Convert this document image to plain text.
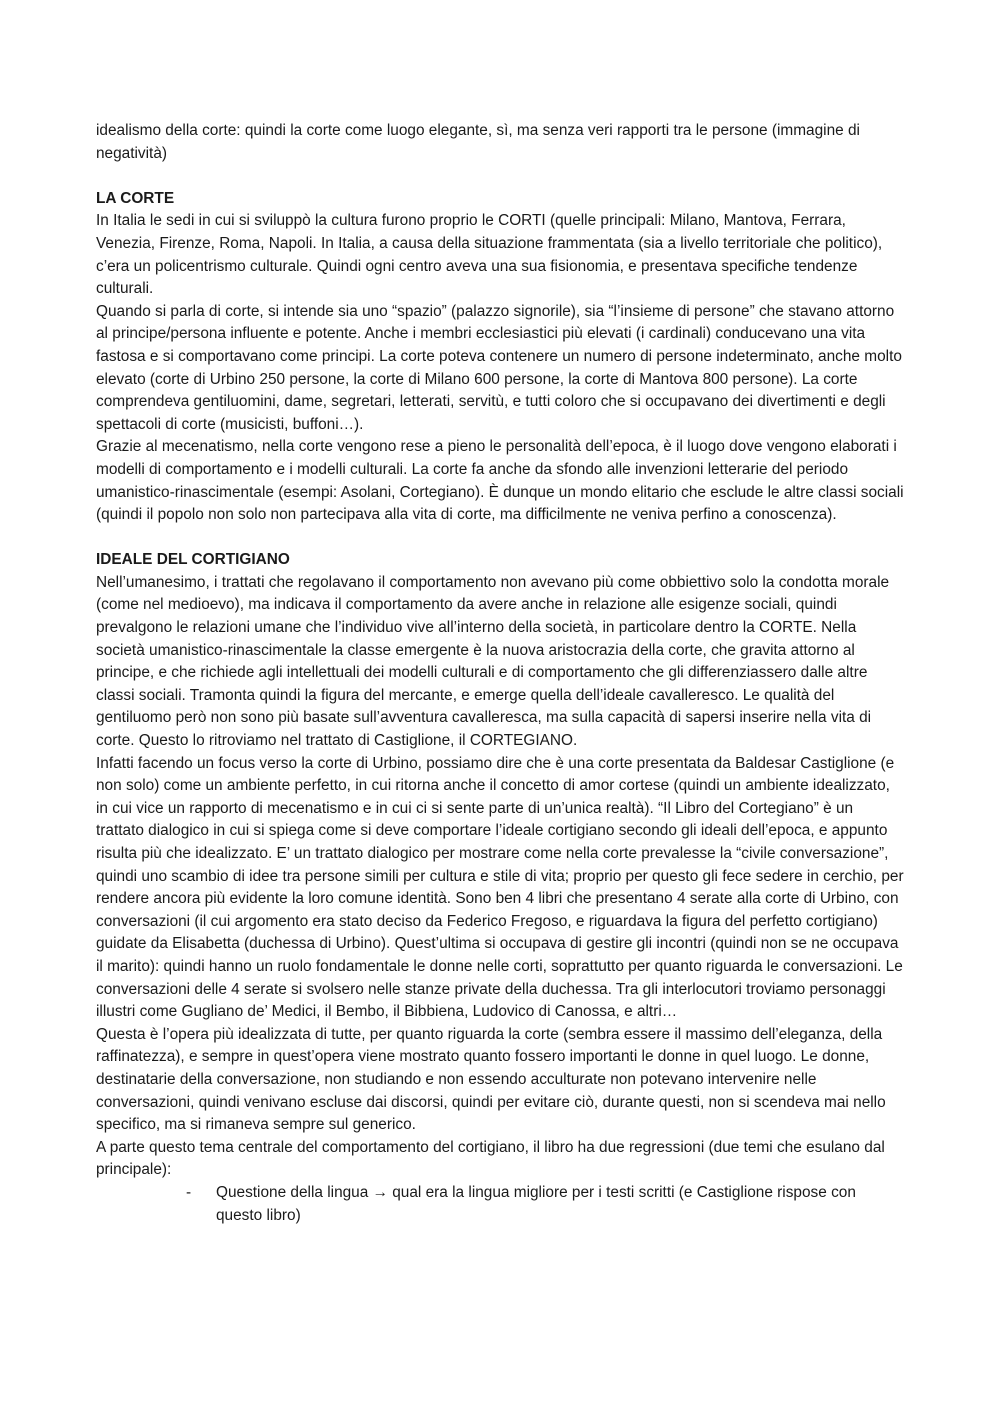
idealismo della corte: quindi la corte come luogo elegante, sì, ma senza veri rapporti tra le persone (immagine di negatività)

LA CORTE

In Italia le sedi in cui si sviluppò la cultura furono proprio le CORTI (quelle principali: Milano, Mantova, Ferrara, Venezia, Firenze, Roma, Napoli. In Italia, a causa della situazione frammentata (sia a livello territoriale che politico), c’era un policentrismo culturale. Quindi ogni centro aveva una sua fisionomia, e presentava specifiche tendenze culturali.

Quando si parla di corte, si intende sia uno “spazio” (palazzo signorile), sia “l’insieme di persone” che stavano attorno al principe/persona influente e potente. Anche i membri ecclesiastici più elevati (i cardinali) conducevano una vita fastosa e si comportavano come principi. La corte poteva contenere un numero di persone indeterminato, anche molto elevato (corte di Urbino 250 persone, la corte di Milano 600 persone, la corte di Mantova 800 persone). La corte comprendeva gentiluomini, dame, segretari, letterati, servitù, e tutti coloro che si occupavano dei divertimenti e degli spettacoli di corte (musicisti, buffoni…).

Grazie al mecenatismo, nella corte vengono rese a pieno le personalità dell’epoca, è il luogo dove vengono elaborati i modelli di comportamento e i modelli culturali. La corte fa anche da sfondo alle invenzioni letterarie del periodo umanistico-rinascimentale (esempi: Asolani, Cortegiano). È dunque un mondo elitario che esclude le altre classi sociali (quindi il popolo non solo non partecipava alla vita di corte, ma difficilmente ne veniva perfino a conoscenza).

IDEALE DEL CORTIGIANO

Nell’umanesimo, i trattati che regolavano il comportamento non avevano più come obbiettivo solo la condotta morale (come nel medioevo), ma indicava il comportamento da avere anche in relazione alle esigenze sociali, quindi prevalgono le relazioni umane che l’individuo vive all’interno della società, in particolare dentro la CORTE. Nella società umanistico-rinascimentale la classe emergente è la nuova aristocrazia della corte, che gravita attorno al principe, e che richiede agli intellettuali dei modelli culturali e di comportamento che gli differenziassero dalle altre classi sociali. Tramonta quindi la figura del mercante, e emerge quella dell’ideale cavalleresco. Le qualità del gentiluomo però non sono più basate sull’avventura cavalleresca, ma sulla capacità di sapersi inserire nella vita di corte. Questo lo ritroviamo nel trattato di Castiglione, il CORTEGIANO.

Infatti facendo un focus verso la corte di Urbino, possiamo dire che è una corte presentata da Baldesar Castiglione (e non solo) come un ambiente perfetto, in cui ritorna anche il concetto di amor cortese (quindi un ambiente idealizzato, in cui vice un rapporto di mecenatismo e in cui ci si sente parte di un’unica realtà). “Il Libro del Cortegiano” è un trattato dialogico in cui si spiega come si deve comportare l’ideale cortigiano secondo gli ideali dell’epoca, e appunto risulta più che idealizzato. E’ un trattato dialogico per mostrare come nella corte prevalesse la “civile conversazione”, quindi uno scambio di idee tra persone simili per cultura e stile di vita; proprio per questo gli fece sedere in cerchio, per rendere ancora più evidente la loro comune identità. Sono ben 4 libri che presentano 4 serate alla corte di Urbino, con conversazioni (il cui argomento era stato deciso da Federico Fregoso, e riguardava la figura del perfetto cortigiano) guidate da Elisabetta (duchessa di Urbino). Quest’ultima si occupava di gestire gli incontri (quindi non se ne occupava il marito): quindi hanno un ruolo fondamentale le donne nelle corti, soprattutto per quanto riguarda le conversazioni. Le conversazioni delle 4 serate si svolsero nelle stanze private della duchessa. Tra gli interlocutori troviamo personaggi illustri come Gugliano de’ Medici, il Bembo, il Bibbiena, Ludovico di Canossa, e altri…

Questa è l’opera più idealizzata di tutte, per quanto riguarda la corte (sembra essere il massimo dell’eleganza, della raffinatezza), e sempre in quest’opera viene mostrato quanto fossero importanti le donne in quel luogo. Le donne, destinatarie della conversazione, non studiando e non essendo acculturate non potevano intervenire nelle conversazioni, quindi venivano escluse dai discorsi, quindi per evitare ciò, durante questi, non si scendeva mai nello specifico, ma si rimaneva sempre sul generico.

A parte questo tema centrale del comportamento del cortigiano, il libro ha due regressioni (due temi che esulano dal principale):

- Questione della lingua → qual era la lingua migliore per i testi scritti (e Castiglione rispose con questo libro)
